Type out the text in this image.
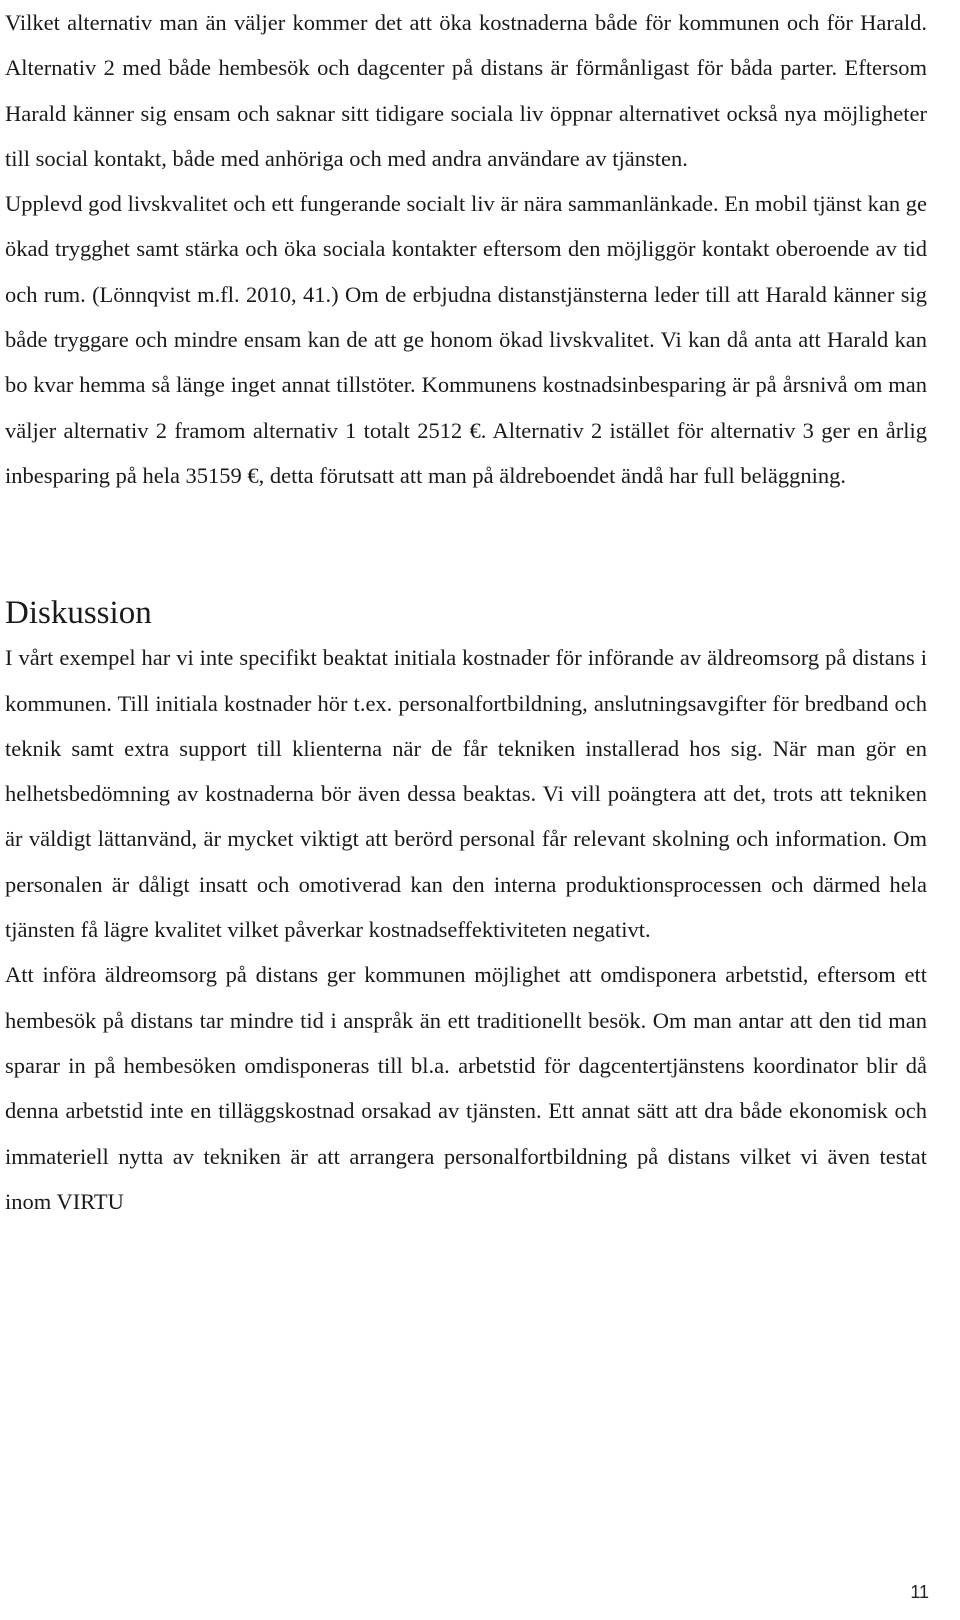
Vilket alternativ man än väljer kommer det att öka kostnaderna både för kommunen och för Harald. Alternativ 2 med både hembesök och dagcenter på distans är förmånligast för båda parter. Eftersom Harald känner sig ensam och saknar sitt tidigare sociala liv öppnar alternativet också nya möjligheter till social kontakt, både med anhöriga och med andra användare av tjänsten.

Upplevd god livskvalitet och ett fungerande socialt liv är nära sammanlänkade. En mobil tjänst kan ge ökad trygghet samt stärka och öka sociala kontakter eftersom den möjliggör kontakt oberoende av tid och rum. (Lönnqvist m.fl. 2010, 41.) Om de erbjudna distanstjänsterna leder till att Harald känner sig både tryggare och mindre ensam kan de att ge honom ökad livskvalitet. Vi kan då anta att Harald kan bo kvar hemma så länge inget annat tillstöter. Kommunens kostnadsinbesparing är på årsnivå om man väljer alternativ 2 framom alternativ 1 totalt 2512 €. Alternativ 2 istället för alternativ 3 ger en årlig inbesparing på hela 35159 €, detta förutsatt att man på äldreboendet ändå har full beläggning.

Diskussion

I vårt exempel har vi inte specifikt beaktat initiala kostnader för införande av äldreomsorg på distans i kommunen. Till initiala kostnader hör t.ex. personalfortbildning, anslutningsavgifter för bredband och teknik samt extra support till klienterna när de får tekniken installerad hos sig. När man gör en helhetsbedömning av kostnaderna bör även dessa beaktas. Vi vill poängtera att det, trots att tekniken är väldigt lättanvänd, är mycket viktigt att berörd personal får relevant skolning och information. Om personalen är dåligt insatt och omotiverad kan den interna produktionsprocessen och därmed hela tjänsten få lägre kvalitet vilket påverkar kostnadseffektiviteten negativt.

Att införa äldreomsorg på distans ger kommunen möjlighet att omdisponera arbetstid, eftersom ett hembesök på distans tar mindre tid i anspråk än ett traditionellt besök. Om man antar att den tid man sparar in på hembesöken omdisponeras till bl.a. arbetstid för dagcentertjänstens koordinator blir då denna arbetstid inte en tilläggskostnad orsakad av tjänsten. Ett annat sätt att dra både ekonomisk och immateriell nytta av tekniken är att arrangera personalfortbildning på distans vilket vi även testat inom VIRTU

11
